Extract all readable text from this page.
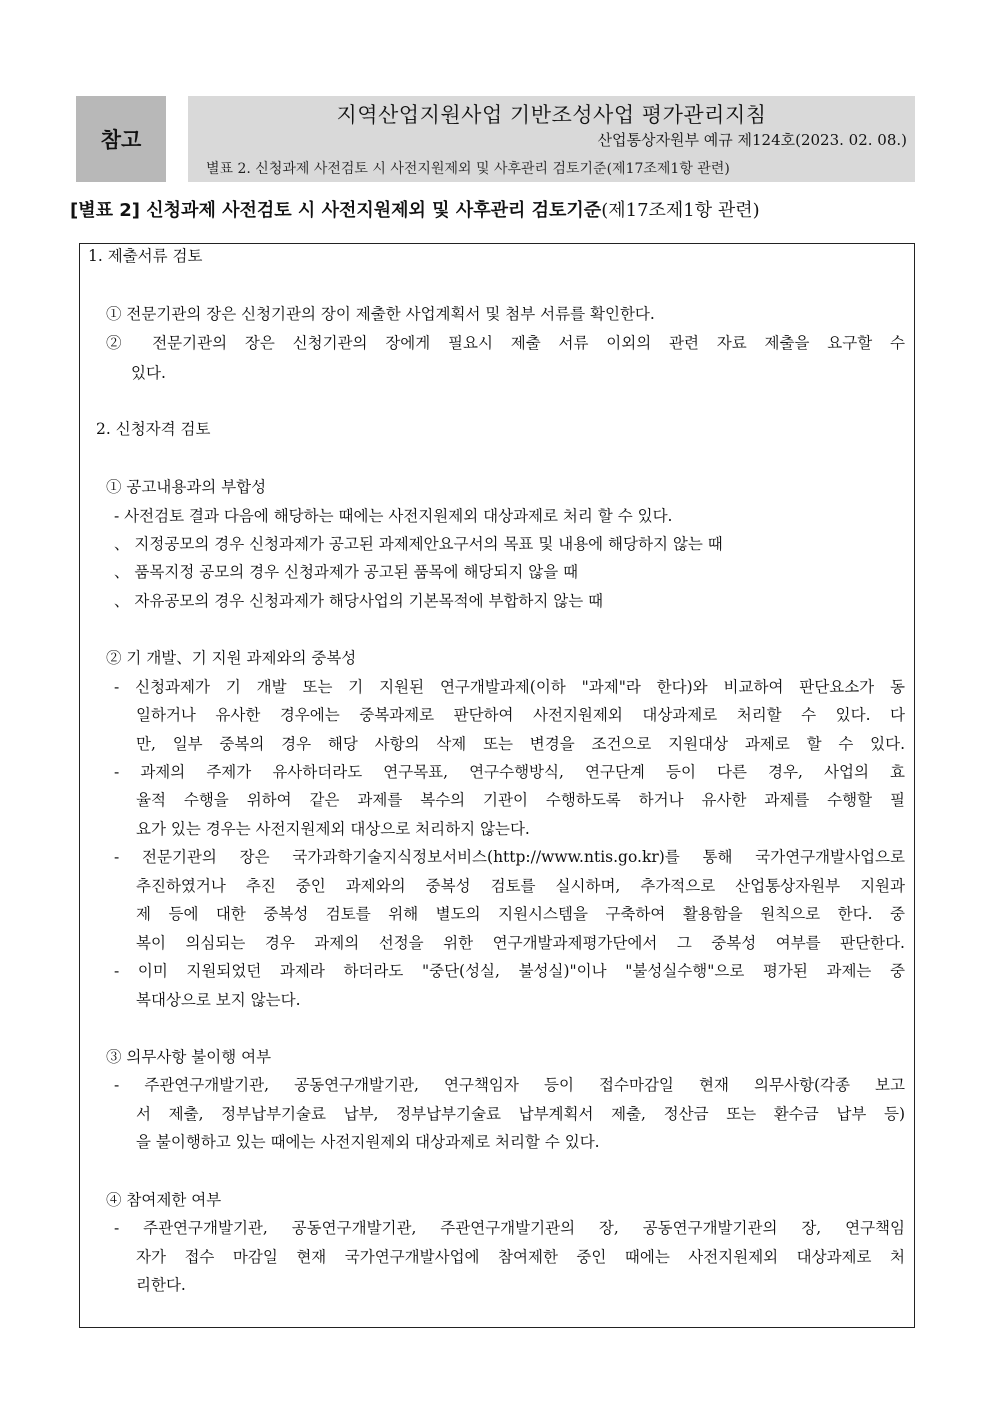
참고
지역산업지원사업 기반조성사업 평가관리지침
산업통상자원부 예규 제124호(2023. 02. 08.)
별표 2. 신청과제 사전검토 시 사전지원제외 및 사후관리 검토기준(제17조제1항 관련)
[별표 2] 신청과제 사전검토 시 사전지원제외 및 사후관리 검토기준(제17조제1항 관련)
1. 제출서류 검토
① 전문기관의 장은 신청기관의 장이 제출한 사업계획서 및 첨부 서류를 확인한다.
② 전문기관의 장은 신청기관의 장에게 필요시 제출 서류 이외의 관련 자료 제출을 요구할 수
있다.
2. 신청자격 검토
① 공고내용과의 부합성
- 사전검토 결과 다음에 해당하는 때에는 사전지원제외 대상과제로 처리 할 수 있다.
、 지정공모의 경우 신청과제가 공고된 과제제안요구서의 목표 및 내용에 해당하지 않는 때
、 품목지정 공모의 경우 신청과제가 공고된 품목에 해당되지 않을 때
、 자유공모의 경우 신청과제가 해당사업의 기본목적에 부합하지 않는 때
② 기 개발、기 지원 과제와의 중복성
- 신청과제가 기 개발 또는 기 지원된 연구개발과제(이하 "과제"라 한다)와 비교하여 판단요소가 동
일하거나 유사한 경우에는 중복과제로 판단하여 사전지원제외 대상과제로 처리할 수 있다. 다
만, 일부 중복의 경우 해당 사항의 삭제 또는 변경을 조건으로 지원대상 과제로 할 수 있다.
- 과제의 주제가 유사하더라도 연구목표, 연구수행방식, 연구단계 등이 다른 경우, 사업의 효
율적 수행을 위하여 같은 과제를 복수의 기관이 수행하도록 하거나 유사한 과제를 수행할 필
요가 있는 경우는 사전지원제외 대상으로 처리하지 않는다.
- 전문기관의 장은 국가과학기술지식정보서비스(http://www.ntis.go.kr)를 통해 국가연구개발사업으로
추진하였거나 추진 중인 과제와의 중복성 검토를 실시하며, 추가적으로 산업통상자원부 지원과
제 등에 대한 중복성 검토를 위해 별도의 지원시스템을 구축하여 활용함을 원칙으로 한다. 중
복이 의심되는 경우 과제의 선정을 위한 연구개발과제평가단에서 그 중복성 여부를 판단한다.
- 이미 지원되었던 과제라 하더라도 "중단(성실, 불성실)"이나 "불성실수행"으로 평가된 과제는 중
복대상으로 보지 않는다.
③ 의무사항 불이행 여부
- 주관연구개발기관, 공동연구개발기관, 연구책임자 등이 접수마감일 현재 의무사항(각종 보고
서 제출, 정부납부기술료 납부, 정부납부기술료 납부계획서 제출, 정산금 또는 환수금 납부 등)
을 불이행하고 있는 때에는 사전지원제외 대상과제로 처리할 수 있다.
④ 참여제한 여부
- 주관연구개발기관, 공동연구개발기관, 주관연구개발기관의 장, 공동연구개발기관의 장, 연구책임
자가 접수 마감일 현재 국가연구개발사업에 참여제한 중인 때에는 사전지원제외 대상과제로 처
리한다.
